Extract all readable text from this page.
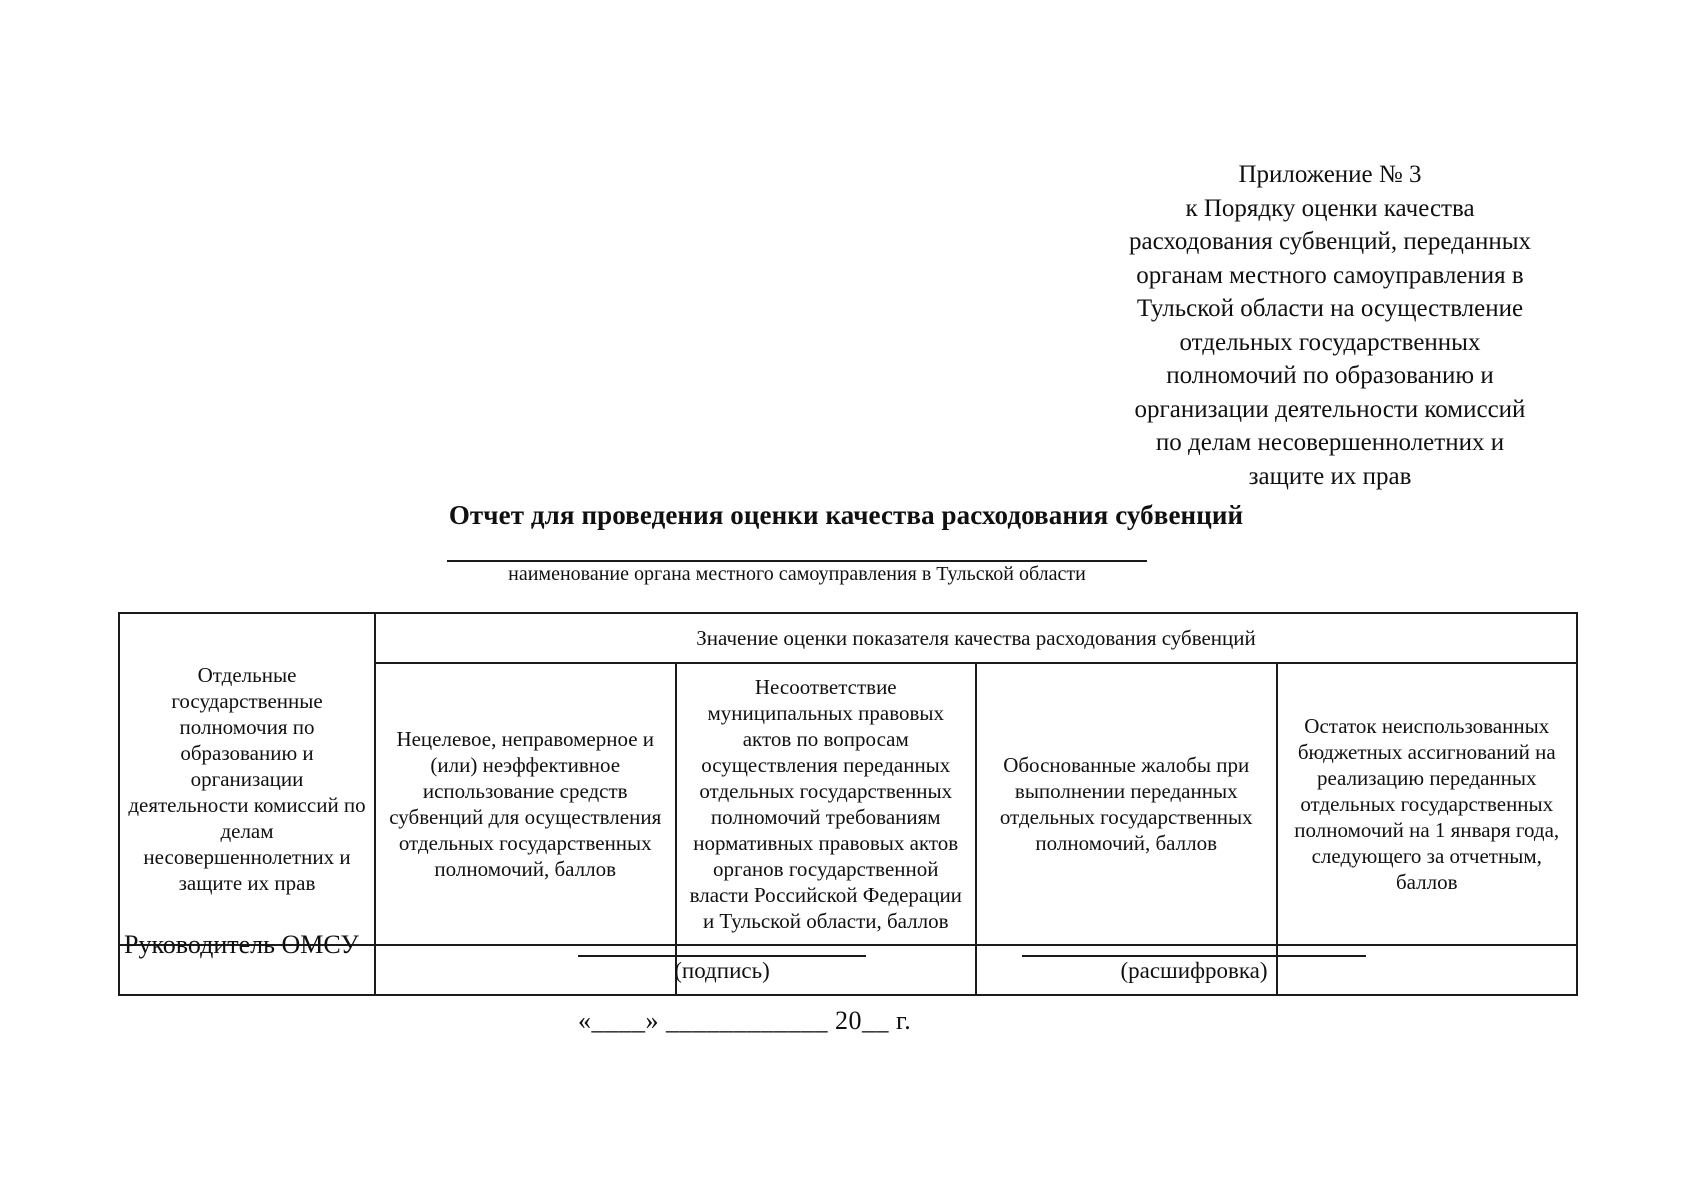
Приложение № 3
к Порядку оценки качества
расходования субвенций, переданных
органам местного самоуправления в
Тульской области на осуществление
отдельных государственных
полномочий по образованию и
организации деятельности комиссий
по делам несовершеннолетних и
защите их прав
Отчет для проведения оценки качества расходования субвенций
наименование органа местного самоуправления в Тульской области
Отдельные государственные полномочия по образованию и организации деятельности комиссий по делам несовершеннолетних и защите их прав	Значение оценки показателя качества расходования субвенций			
	Нецелевое, неправомерное и (или) неэффективное использование средств субвенций для осуществления отдельных государственных полномочий, баллов	Несоответствие муниципальных правовых актов по вопросам осуществления переданных отдельных государственных полномочий требованиям нормативных правовых актов органов государственной власти Российской Федерации и Тульской области, баллов	Обоснованные жалобы при выполнении переданных отдельных государственных полномочий, баллов	Остаток неиспользованных бюджетных ассигнований на реализацию переданных отдельных государственных полномочий на 1 января года, следующего за отчетным, баллов

Руководитель ОМСУ
(подпись)	(расшифровка)
«____» ____________ 20__ г.
